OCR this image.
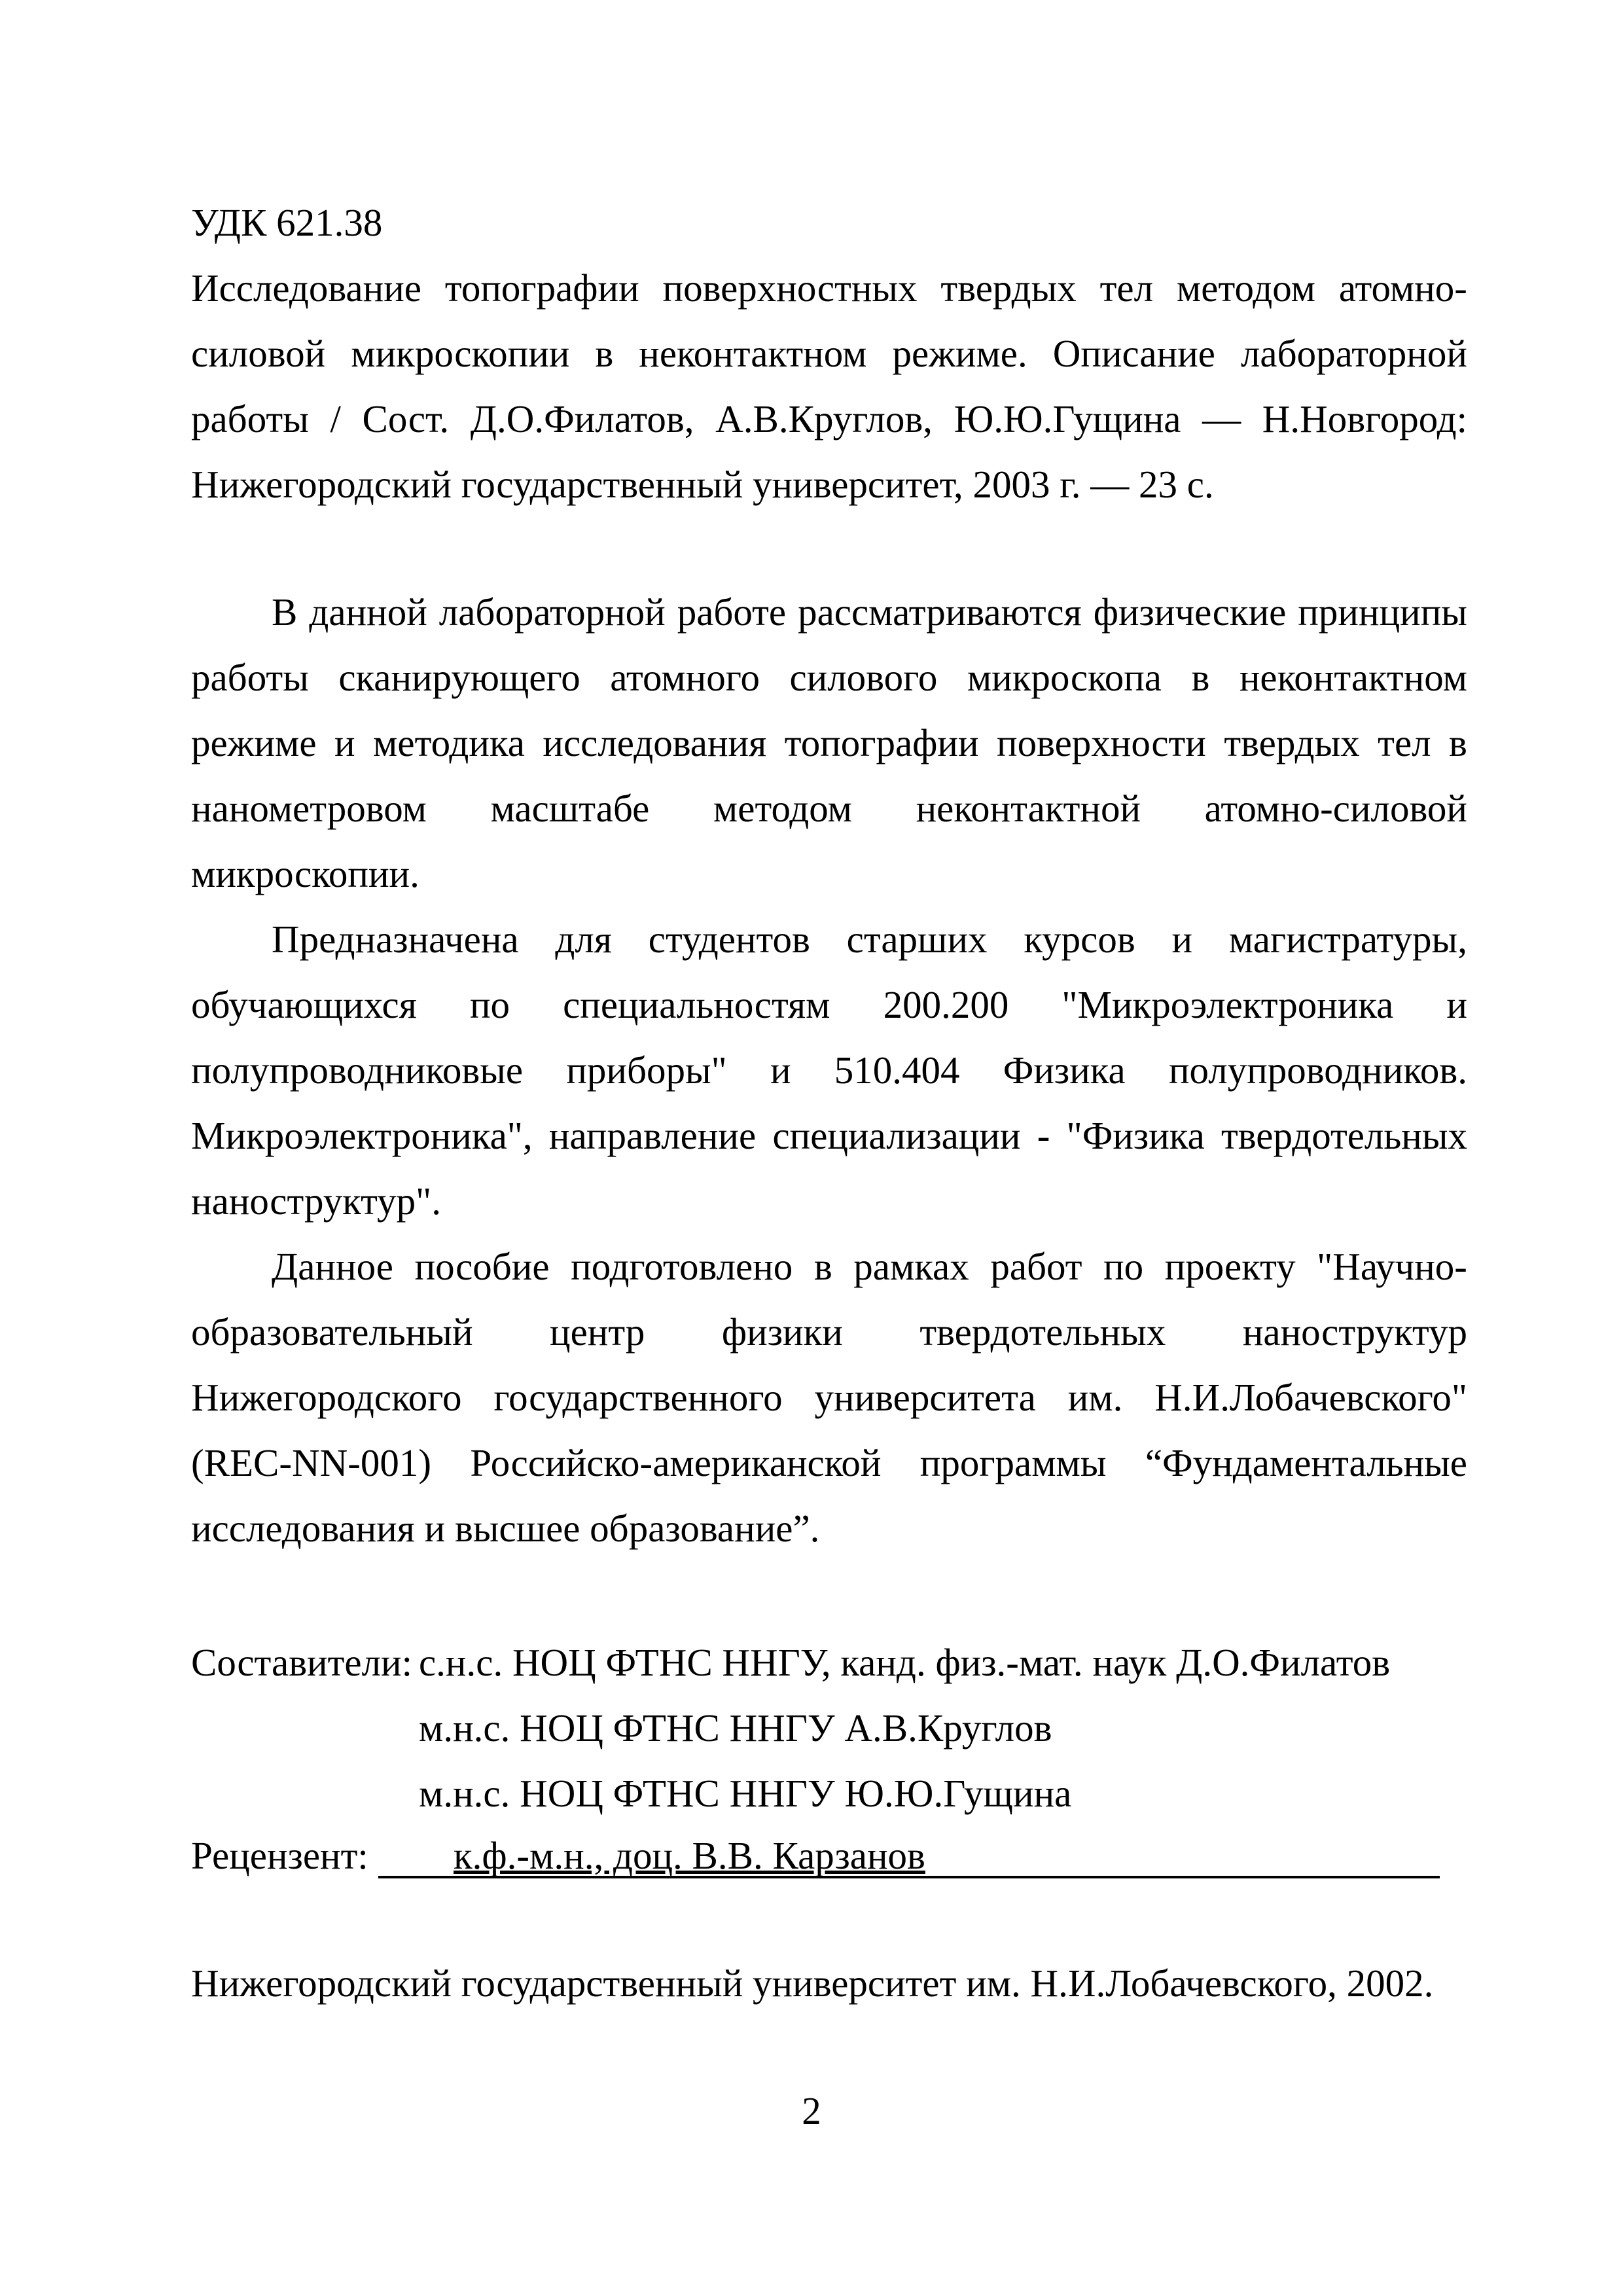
УДК 621.38
Исследование топографии поверхностных твердых тел методом атомно-
силовой микроскопии в неконтактном режиме. Описание лабораторной
работы / Сост. Д.О.Филатов, А.В.Круглов, Ю.Ю.Гущина — Н.Новгород:
Нижегородский государственный университет, 2003 г. — 23 с.
В данной лабораторной работе рассматриваются физические принципы
работы сканирующего атомного силового микроскопа в неконтактном
режиме и методика исследования топографии поверхности твердых тел в
нанометровом масштабе методом неконтактной атомно-силовой
микроскопии.
Предназначена для студентов старших курсов и магистратуры,
обучающихся по специальностям 200.200 "Микроэлектроника и
полупроводниковые приборы" и 510.404 Физика полупроводников.
Микроэлектроника", направление специализации - "Физика твердотельных
наноструктур".
Данное пособие подготовлено в рамках работ по проекту "Научно-
образовательный центр физики твердотельных наноструктур
Нижегородского государственного университета им. Н.И.Лобачевского"
(REC-NN-001) Российско-американской программы “Фундаментальные
исследования и высшее образование”.
Составители: с.н.с. НОЦ ФТНС ННГУ, канд. физ.-мат. наук Д.О.Филатов
м.н.с. НОЦ ФТНС ННГУ А.В.Круглов
м.н.с. НОЦ ФТНС ННГУ Ю.Ю.Гущина
Рецензент:	к.ф.-м.н., доц. В.В. Карзанов
Нижегородский государственный университет им. Н.И.Лобачевского, 2002.
2
